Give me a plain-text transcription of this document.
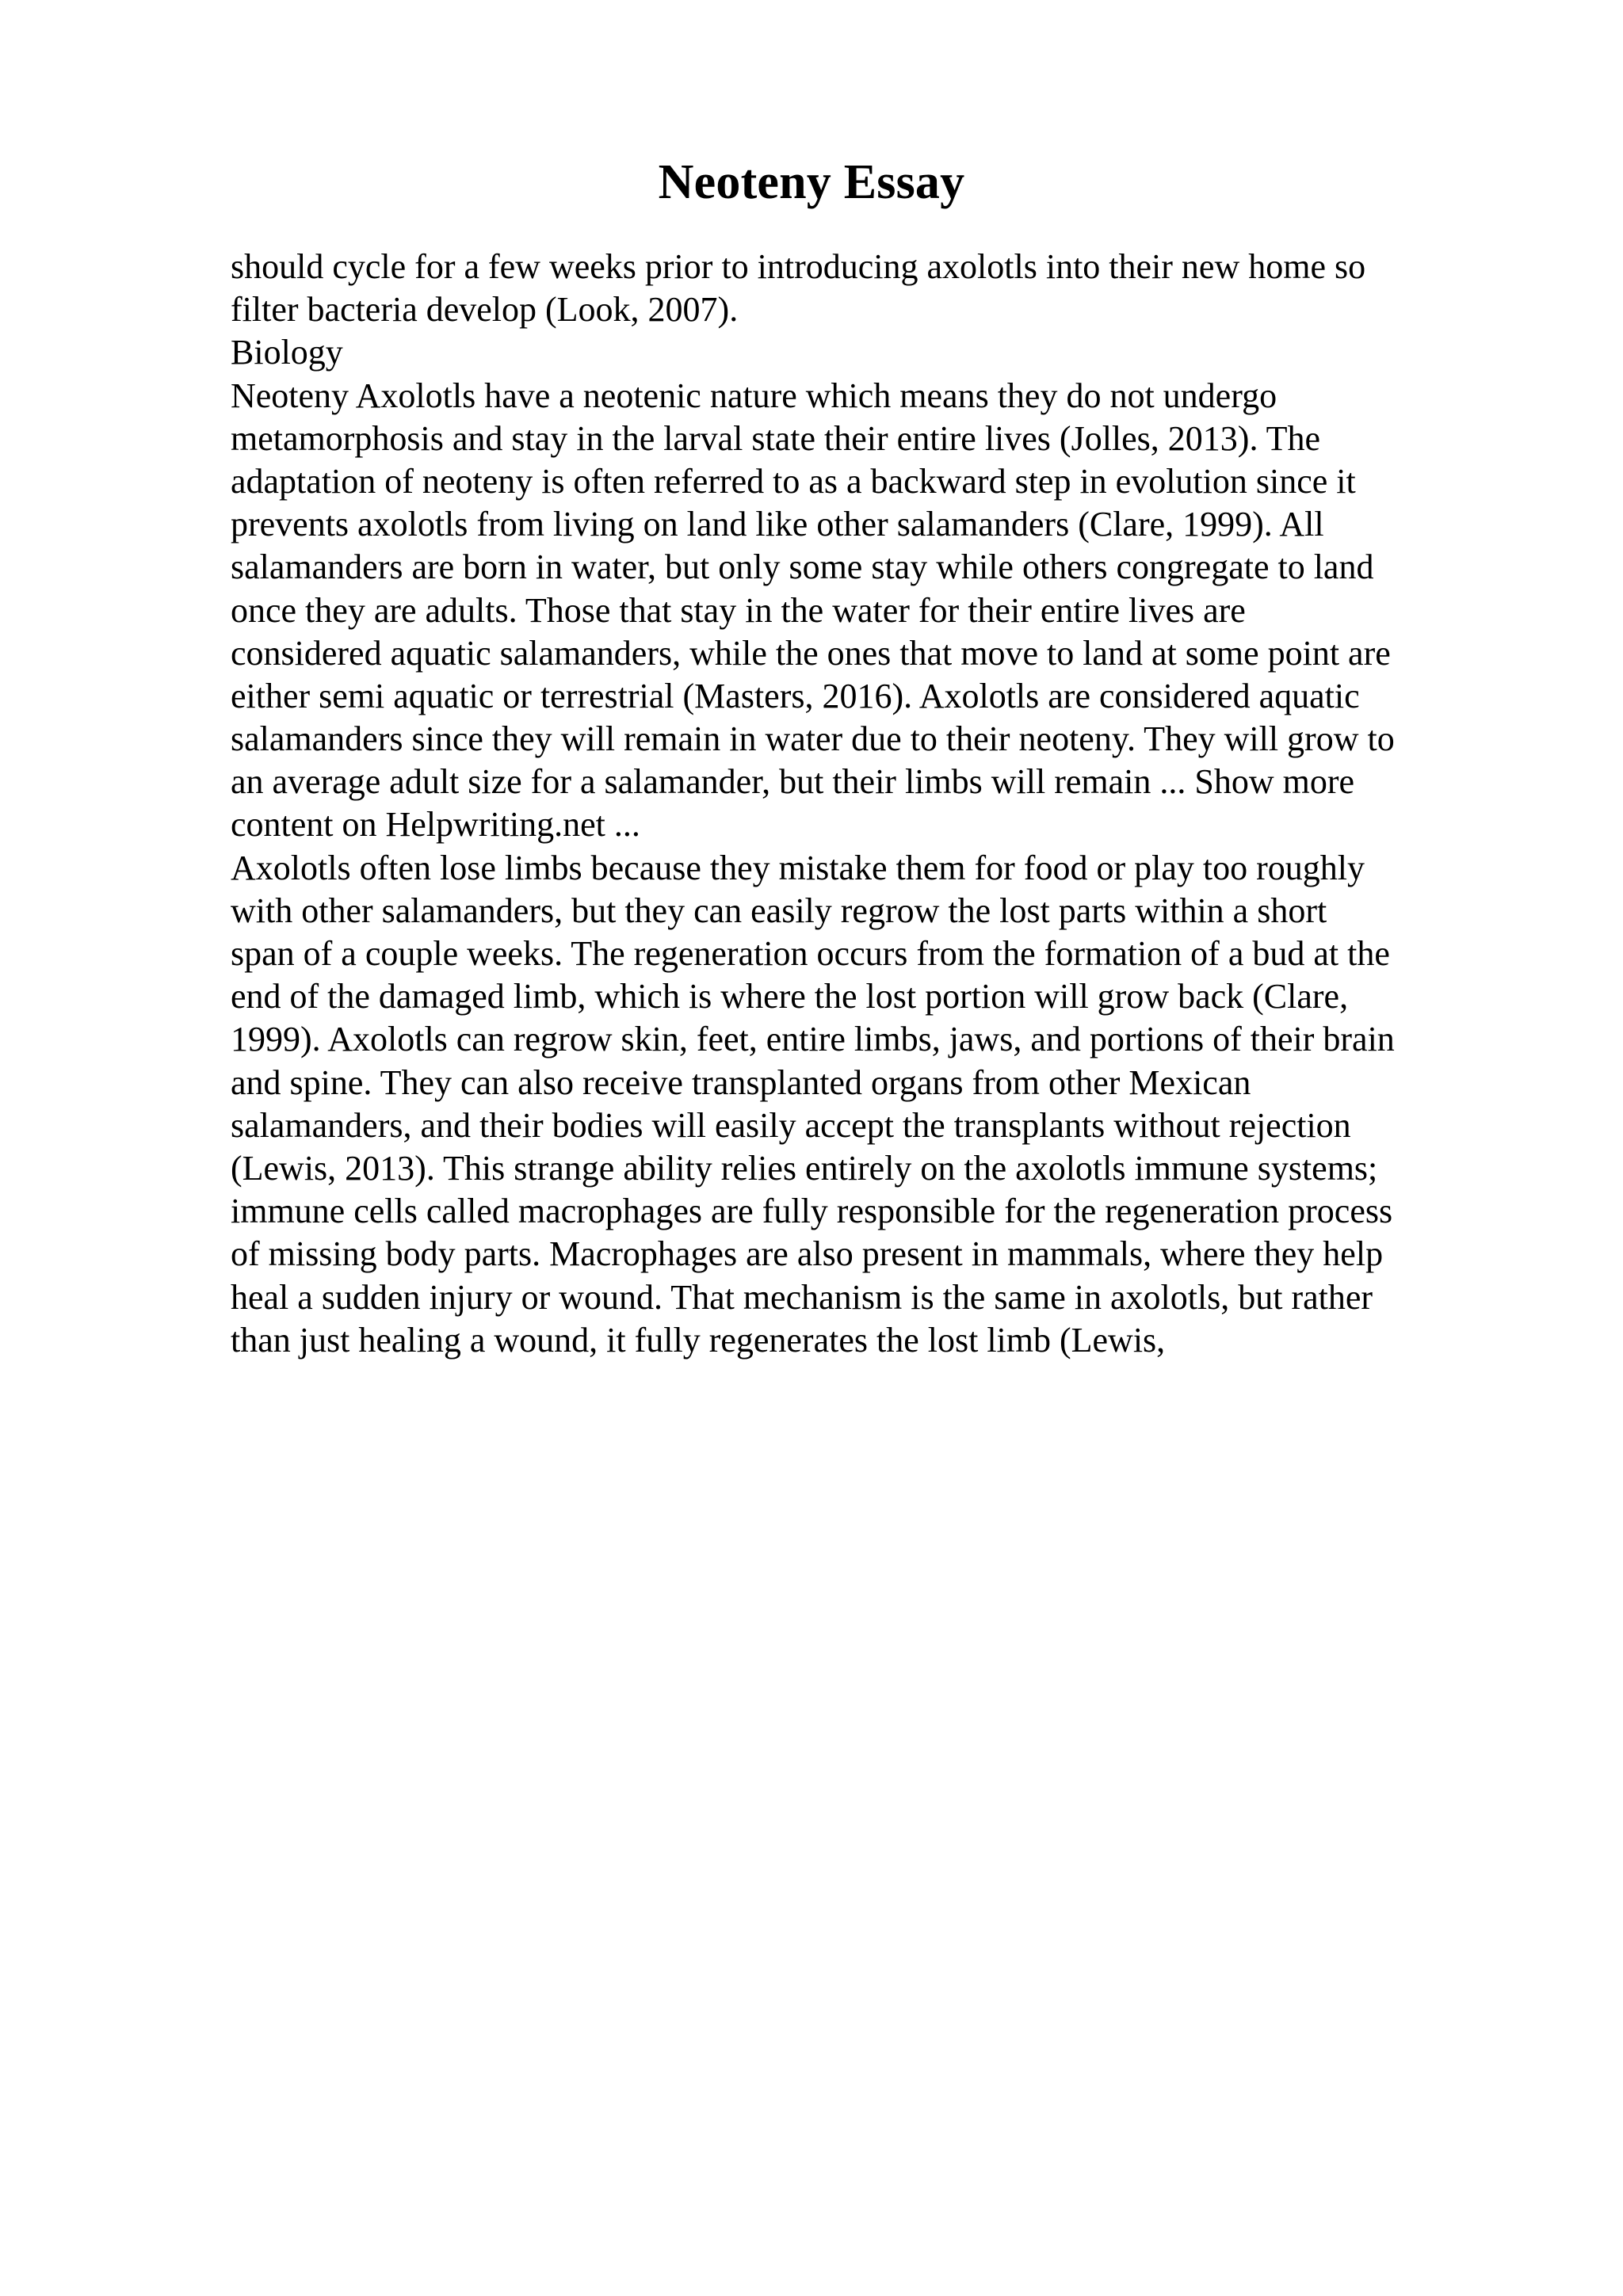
Neoteny Essay
should cycle for a few weeks prior to introducing axolotls into their new home so
filter bacteria develop (Look, 2007).
Biology
Neoteny Axolotls have a neotenic nature which means they do not undergo
metamorphosis and stay in the larval state their entire lives (Jolles, 2013). The
adaptation of neoteny is often referred to as a backward step in evolution since it
prevents axolotls from living on land like other salamanders (Clare, 1999). All
salamanders are born in water, but only some stay while others congregate to land
once they are adults. Those that stay in the water for their entire lives are
considered aquatic salamanders, while the ones that move to land at some point are
either semi aquatic or terrestrial (Masters, 2016). Axolotls are considered aquatic
salamanders since they will remain in water due to their neoteny. They will grow to
an average adult size for a salamander, but their limbs will remain ... Show more
content on Helpwriting.net ...
Axolotls often lose limbs because they mistake them for food or play too roughly
with other salamanders, but they can easily regrow the lost parts within a short
span of a couple weeks. The regeneration occurs from the formation of a bud at the
end of the damaged limb, which is where the lost portion will grow back (Clare,
1999). Axolotls can regrow skin, feet, entire limbs, jaws, and portions of their brain
and spine. They can also receive transplanted organs from other Mexican
salamanders, and their bodies will easily accept the transplants without rejection
(Lewis, 2013). This strange ability relies entirely on the axolotls immune systems;
immune cells called macrophages are fully responsible for the regeneration process
of missing body parts. Macrophages are also present in mammals, where they help
heal a sudden injury or wound. That mechanism is the same in axolotls, but rather
than just healing a wound, it fully regenerates the lost limb (Lewis,
